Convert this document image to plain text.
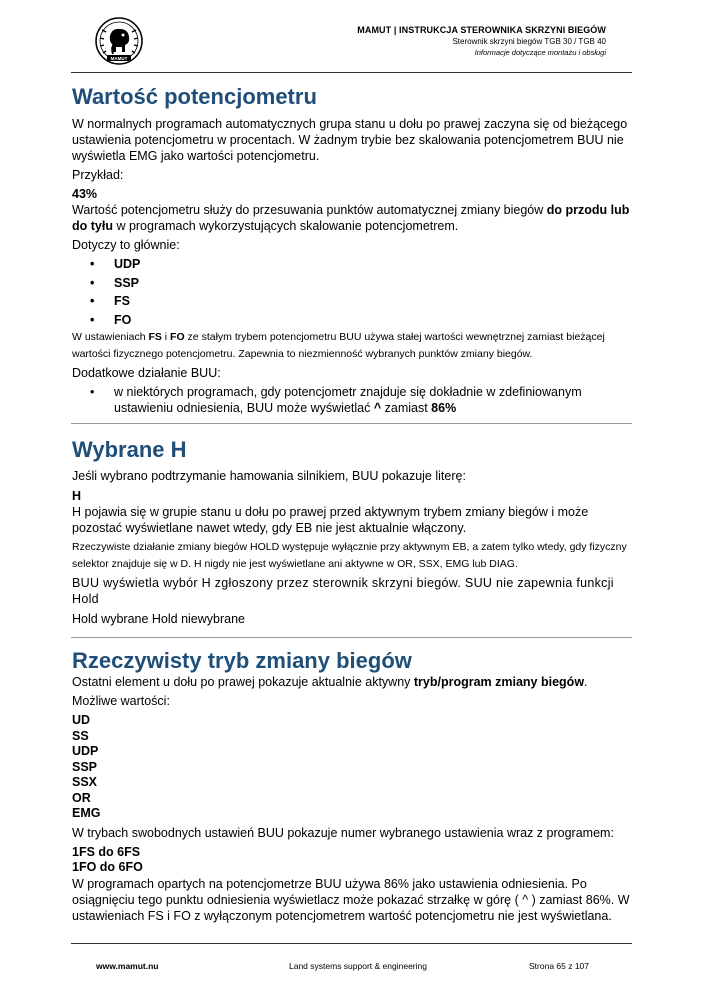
MAMUT
MAMUT | INSTRUKCJA STEROWNIKA SKRZYNI BIEGÓW
Sterownik skrzyni biegów TGB 30 / TGB 40
Informacje dotyczące montażu i obsługi
Wartość potencjometru

W normalnych programach automatycznych grupa stanu u dołu po prawej zaczyna się od bieżącego ustawienia potencjometru w procentach. W żadnym trybie bez skalowania potencjometrem BUU nie wyświetla EMG jako wartości potencjometru.

Przykład:

43%

Wartość potencjometru służy do przesuwania punktów automatycznej zmiany biegów do przodu lub do tyłu w programach wykorzystujących skalowanie potencjometrem.

Dotyczy to głównie:

• UDP
• SSP
• FS
• FO

W ustawieniach FS i FO ze stałym trybem potencjometru BUU używa stałej wartości wewnętrznej zamiast bieżącej wartości fizycznego potencjometru. Zapewnia to niezmienność wybranych punktów zmiany biegów.

Dodatkowe działanie BUU:

• w niektórych programach, gdy potencjometr znajduje się dokładnie w zdefiniowanym ustawieniu odniesienia, BUU może wyświetlać ^ zamiast 86%
Wybrane H

Jeśli wybrano podtrzymanie hamowania silnikiem, BUU pokazuje literę:

H

H pojawia się w grupie stanu u dołu po prawej przed aktywnym trybem zmiany biegów i może pozostać wyświetlane nawet wtedy, gdy EB nie jest aktualnie włączony.

Rzeczywiste działanie zmiany biegów HOLD występuje wyłącznie przy aktywnym EB, a zatem tylko wtedy, gdy fizyczny selektor znajduje się w D. H nigdy nie jest wyświetlane ani aktywne w OR, SSX, EMG lub DIAG.

BUU wyświetla wybór H zgłoszony przez sterownik skrzyni biegów. SUU nie zapewnia funkcji Hold

Hold wybrane Hold niewybrane

Rzeczywisty tryb zmiany biegów

Ostatni element u dołu po prawej pokazuje aktualnie aktywny tryb/program zmiany biegów.

Możliwe wartości:

UD

SS

UDP

SSP

SSX

OR

EMG

W trybach swobodnych ustawień BUU pokazuje numer wybranego ustawienia wraz z programem:

1FS do 6FS

1FO do 6FO

W programach opartych na potencjometrze BUU używa 86% jako ustawienia odniesienia. Po osiągnięciu tego punktu odniesienia wyświetlacz może pokazać strzałkę w górę ( ^ ) zamiast 86%. W ustawieniach FS i FO z wyłączonym potencjometrem wartość potencjometru nie jest wyświetlana.

www.mamut.nu	Land systems support & engineering	Strona 65 z 107
